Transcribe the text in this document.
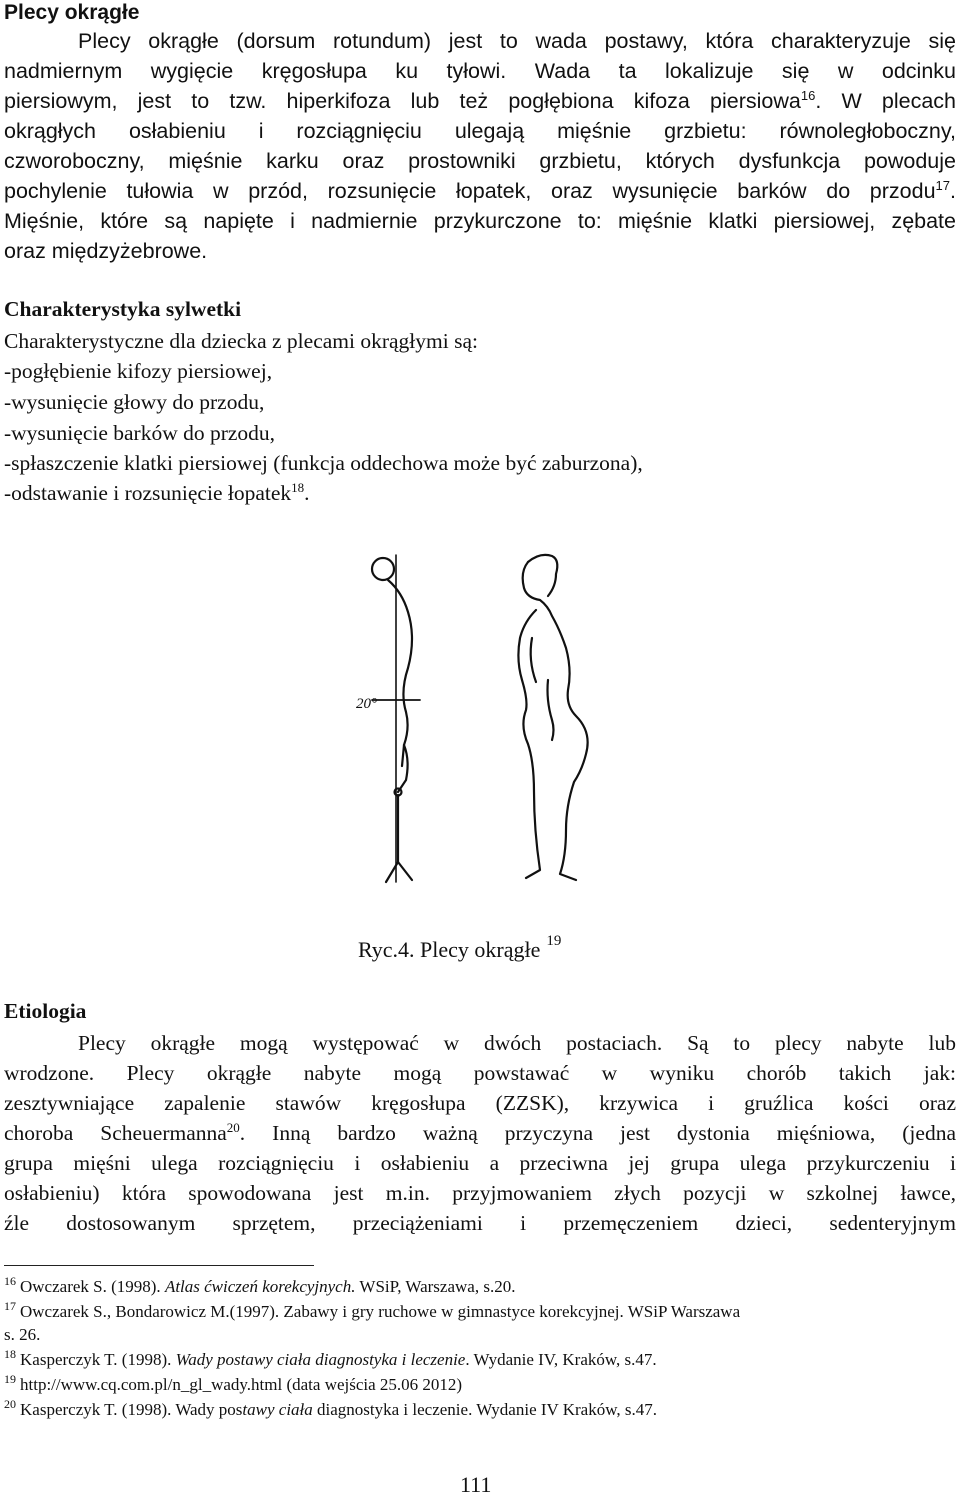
Plecy okrągłe
Plecy okrągłe (dorsum rotundum) jest to wada postawy, która charakteryzuje się
nadmiernym wygięcie kręgosłupa ku tyłowi. Wada ta lokalizuje się w odcinku
piersiowym, jest to tzw. hiperkifoza lub też pogłębiona kifoza piersiowa$^{16}$. W plecach
okrągłych osłabieniu i rozciągnięciu ulegają mięśnie grzbietu: równoległoboczny,
czworoboczny, mięśnie karku oraz prostowniki grzbietu, których dysfunkcja powoduje
pochylenie tułowia w przód, rozsunięcie łopatek, oraz wysunięcie barków do przodu$^{17}$.
Mięśnie, które są napięte i nadmiernie przykurczone to: mięśnie klatki piersiowej, zębate
oraz międzyżebrowe.
Charakterystyka sylwetki
Charakterystyczne dla dziecka z plecami okrągłymi są:
-pogłębienie kifozy piersiowej,
-wysunięcie głowy do przodu,
-wysunięcie barków do przodu,
-spłaszczenie klatki piersiowej (funkcja oddechowa może być zaburzona),
-odstawanie i rozsunięcie łopatek$^{18}$.
20°
Ryc.4. Plecy okrągłe $^{19}$
Etiologia
Plecy okrągłe mogą występować w dwóch postaciach. Są to plecy nabyte lub
wrodzone. Plecy okrągłe nabyte mogą powstawać w wyniku chorób takich jak:
zesztywniające zapalenie stawów kręgosłupa (ZZSK), krzywica i gruźlica kości oraz
choroba Scheuermanna$^{20}$. Inną bardzo ważną przyczyna jest dystonia mięśniowa, (jedna
grupa mięśni ulega rozciągnięciu i osłabieniu a przeciwna jej grupa ulega przykurczeniu i
osłabieniu) która spowodowana jest m.in. przyjmowaniem złych pozycji w szkolnej ławce,
źle dostosowanym sprzętem, przeciążeniami i przemęczeniem dzieci, sedenteryjnym
$^{16}$ Owczarek S. (1998). Atlas ćwiczeń korekcyjnych. WSiP, Warszawa, s.20.
$^{17}$ Owczarek S., Bondarowicz M.(1997). Zabawy i gry ruchowe w gimnastyce korekcyjnej. WSiP Warszawa
s. 26.
$^{18}$ Kasperczyk T. (1998). Wady postawy ciała diagnostyka i leczenie. Wydanie IV, Kraków, s.47.
$^{19}$ http://www.cq.com.pl/n_gl_wady.html (data wejścia 25.06 2012)
$^{20}$ Kasperczyk T. (1998). Wady postawy ciała diagnostyka i leczenie. Wydanie IV Kraków, s.47.
111
